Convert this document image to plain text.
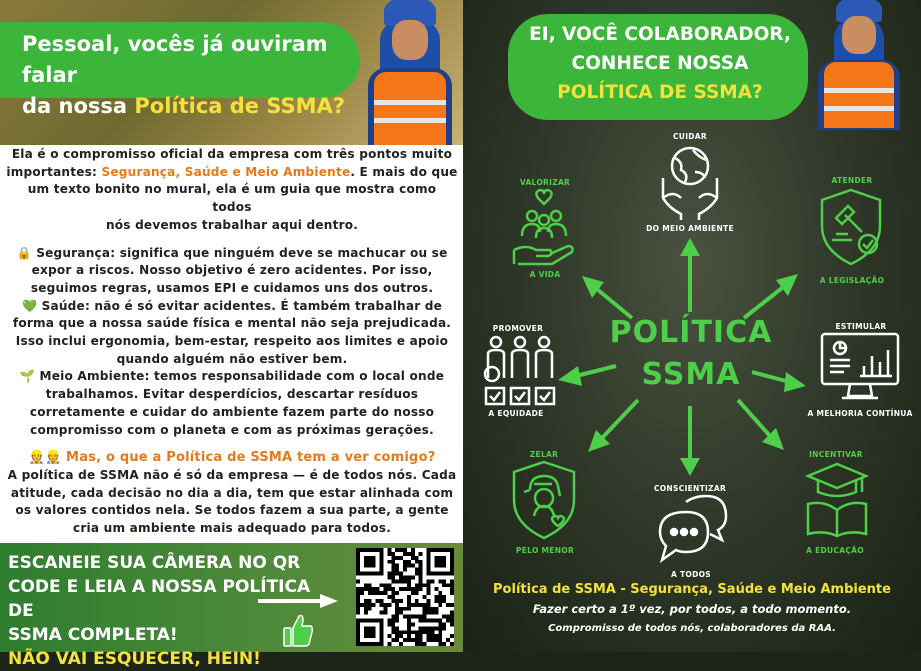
Pessoal, vocês já ouviram falar
da nossa Política de SSMA?

Ela é o compromisso oficial da empresa com três pontos muito

importantes: Segurança, Saúde e Meio Ambiente. E mais do que

um texto bonito no mural, ela é um guia que mostra como todos

nós devemos trabalhar aqui dentro.

🔒 Segurança: significa que ninguém deve se machucar ou se

expor a riscos. Nosso objetivo é zero acidentes. Por isso,

seguimos regras, usamos EPI e cuidamos uns dos outros.

💚 Saúde: não é só evitar acidentes. É também trabalhar de

forma que a nossa saúde física e mental não seja prejudicada.

Isso inclui ergonomia, bem-estar, respeito aos limites e apoio

quando alguém não estiver bem.

🌱 Meio Ambiente: temos responsabilidade com o local onde

trabalhamos. Evitar desperdícios, descartar resíduos

corretamente e cuidar do ambiente fazem parte do nosso

compromisso com o planeta e com as próximas gerações.

👷👷 Mas, o que a Política de SSMA tem a ver comigo?

A política de SSMA não é só da empresa — é de todos nós. Cada

atitude, cada decisão no dia a dia, tem que estar alinhada com

os valores contidos nela. Se todos fazem a sua parte, a gente

cria um ambiente mais adequado para todos.

ESCANEIE SUA CÂMERA NO QR
CODE E LEIA A NOSSA POLÍTICA DE
SSMA COMPLETA!
NÃO VAI ESQUECER, HEIN!
EI, VOCÊ COLABORADOR,
CONHECE NOSSA
POLÍTICA DE SSMA?
POLÍTICA
SSMA
CUIDAR
DO MEIO AMBIENTE
VALORIZAR
A VIDA
ATENDER
A LEGISLAÇÃO
PROMOVER
A EQUIDADE
ESTIMULAR
A MELHORIA CONTÍNUA
ZELAR
PELO MENOR
CONSCIENTIZAR
A TODOS
INCENTIVAR
A EDUCAÇÃO
Política de SSMA - Segurança, Saúde e Meio Ambiente
Fazer certo a 1º vez, por todos, a todo momento.
Compromisso de todos nós, colaboradores da RAA.
